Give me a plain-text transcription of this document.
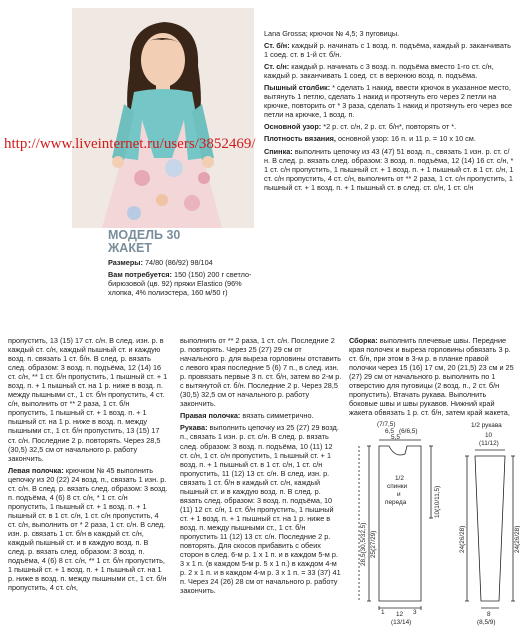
http://www.liveinternet.ru/users/3852469/
МОДЕЛЬ 30
ЖАКЕТ

Размеры: 74/80 (86/92) 98/104

Вам потребуется: 150 (150) 200 г светло-бирюзовой (цв. 92) пряжи Elastico (96% хлопка, 4% полиэстера, 160 м/50 г)

Lana Grossa; крючок № 4,5; 3 пуговицы.

Ст. б/н: каждый р. начинать с 1 возд. п. подъёма, каждый р. заканчивать 1 соед. ст. в 1-й ст. б/н.

Ст. с/н: каждый р. начинать с 3 возд. п. подъёма вместо 1-го ст. с/н, каждый р. заканчивать 1 соед. ст. в верхнюю возд. п. подъёма.

Пышный столбик: * сделать 1 накид, ввести крючок в указанное место, вытянуть 1 петлю, сделать 1 накид и протянуть его через 2 петли на крючке, повторить от * 3 раза, сделать 1 накид и протянуть его через все петли на крючке, 1 возд. п.

Основной узор: *2 р. ст. с/н, 2 р. ст. б/н*, повторять от *.

Плотность вязания, основной узор: 16 п. и 11 р. = 10 х 10 см.

Спинка: выполнить цепочку из 43 (47) 51 возд. п., связать 1 изн. р. ст. с/н. В след. р. вязать след. образом: 3 возд. п. подъёма, 12 (14) 16 ст. с/н, * 1 ст. с/н пропустить, 1 пышный ст. + 1 возд. п. + 1 пышный ст. в 1 ст. с/н, 1 ст. с/н пропустить, 4 ст. с/н, выполнить от ** 2 раза, 1 ст. с/н пропустить, 1 пышный ст. + 1 возд. п. + 1 пышный ст. в след. ст. с/н, 1 ст. с/н

пропустить, 13 (15) 17 ст. с/н. В след. изн. р. в каждый ст. с/н, каждый пышный ст. и каждую возд. п. связать 1 ст. б/н. В след. р. вязать след. образом: 3 возд. п. подъёма, 12 (14) 16 ст. с/н, ** 1 ст. б/н пропустить, 1 пышный ст. + 1 возд. п. + 1 пышный ст. на 1 р. ниже в возд. п. между пышными ст., 1 ст. б/н пропустить, 4 ст. с/н, выполнить от ** 2 раза, 1 ст. б/н пропустить, 1 пышный ст. + 1 возд. п. + 1 пышный ст. на 1 р. ниже в возд. п. между пышными ст., 1 ст. б/н пропустить, 13 (15) 17 ст. с/н. Последние 2 р. повторять. Через 28,5 (30,5) 32,5 см от начального р. работу закончить.

Левая полочка: крючком № 45 выполнить цепочку из 20 (22) 24 возд. п., связать 1 изн. р. ст. с/н. В след. р. вязать след. образом: 3 возд. п. подъёма, 4 (6) 8 ст. с/н, * 1 ст. с/н пропустить, 1 пышный ст. + 1 возд. п. + 1 пышный ст. в 1 ст. с/н, 1 ст. с/н пропустить, 4 ст. с/н, выполнить от * 2 раза, 1 ст. с/н. В след. изн. р. связать 1 ст. б/н в каждый ст. с/н, каждый пышный ст. и в каждую возд. п. В след. р. вязать след. образом: 3 возд. п. подъёма, 4 (6) 8 ст. с/н, ** 1 ст. б/н пропустить, 1 пышный ст. + 1 возд. п. + 1 пышный ст. на 1 р. ниже в возд. п. между пышными ст., 1 ст. б/н пропустить, 4 ст. с/н,

выполнить от ** 2 раза, 1 ст. с/н. Последние 2 р. повторять. Через 25 (27) 29 см от начального р. для выреза горловины отставить с левого края последние 5 (6) 7 п., в след. изн. р. провязать первые 3 п. ст. б/н, затем во 2-м р. с вытянутой ст. б/н. Последние 2 р. Через 28,5 (30,5) 32,5 см от начального р. работу закончить.

Правая полочка: вязать симметрично.

Рукава: выполнить цепочку из 25 (27) 29 возд. п., связать 1 изн. р. ст. с/н. В след. р. вязать след. образом: 3 возд. п. подъёма, 10 (11) 12 ст. с/н, 1 ст. с/н пропустить, 1 пышный ст. + 1 возд. п. + 1 пышный ст. в 1 ст. с/н, 1 ст. с/н пропустить, 11 (12) 13 ст. с/н. В след. изн. р. связать 1 ст. б/н в каждый ст. с/н, каждый пышный ст. и в каждую возд. п. В след. р. вязать след. образом: 3 возд. п. подъёма, 10 (11) 12 ст. с/н, 1 ст. б/н пропустить, 1 пышный ст. + 1 возд. п. + 1 пышный ст. на 1 р. ниже в возд. п. между пышными ст., 1 ст. б/н пропустить 11 (12) 13 ст. с/н. Последние 2 р. повторять. Для скосов прибавить с обеих сторон в след. 6-м р. 1 х 1 п. и в каждом 5-м р. 3 х 1 п. (в каждом 5-м р. 5 х 1 п.) в каждом 4-м р. 2 х 1 п. и в каждом 4-м р. 3 х 1 п. = 33 (37) 41 п. Через 24 (26) 28 см от начального р. работу закончить.

Сборка: выполнить плечевые швы. Передние края полочек и выреза горловины обвязать 3 р. ст. б/н, при этом в 3-м р. в планке правой полочки через 15 (16) 17 см, 20 (21,5) 23 см и 25 (27) 29 см от начального р. выполнить по 1 отверстию для пуговицы (2 возд. п., 2 ст. б/н пропустить). Втачать рукава. Выполнить боковые швы и швы рукавов. Нижний край жакета обвязать 1 р. ст. б/н, затем край жакета,

(7/7,5)
6,5 (6/6,5)
5,5
1/2
спинки
и
переда
25(27/29)
28,5(30,5/32,5)
10(10/11,5)
12
(13/14)
1	3
1/2 рукава
10
(11/12)
24(26/28)	24(26/28)
8
(8,5/9)
